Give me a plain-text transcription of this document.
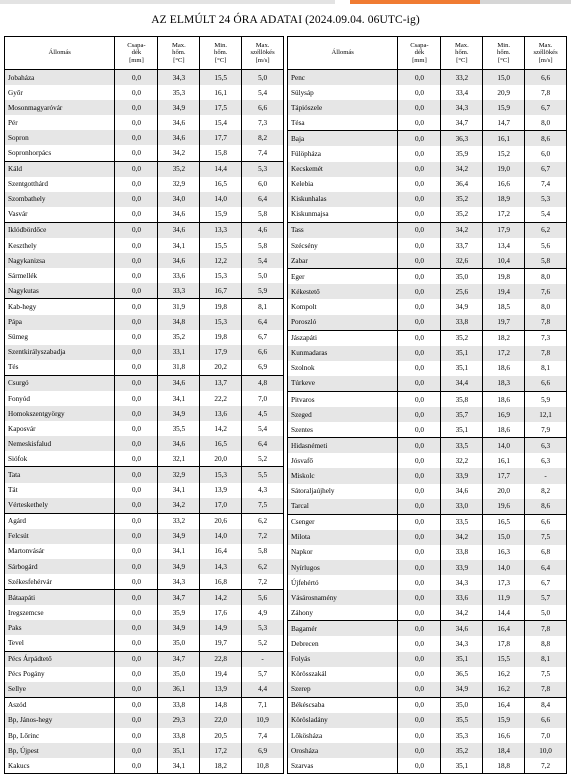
AZ ELMÚLT 24 ÓRA ADATAI (2024.09.04. 06UTC-ig)
Állomás	Csapa-
dék
[mm]	Max.
hőm.
[°C]	Min.
hőm.
[°C]	Max.
széllökés
[m/s]

Jobaháza	0,0	34,3	15,5	5,0
Győr	0,0	35,3	16,1	5,4
Mosonmagyaróvár	0,0	34,9	17,5	6,6
Pér	0,0	34,6	15,4	7,3
Sopron	0,0	34,6	17,7	8,2
Sopronhorpács	0,0	34,2	15,8	7,4
Káld	0,0	35,2	14,4	5,3
Szentgotthárd	0,0	32,9	16,5	6,0
Szombathely	0,0	34,0	14,0	6,4
Vasvár	0,0	34,6	15,9	5,8
Iklódbördőce	0,0	34,6	13,3	4,6
Keszthely	0,0	34,1	15,5	5,8
Nagykanizsa	0,0	34,6	12,2	5,4
Sármellék	0,0	33,6	15,3	5,0
Nagykutas	0,0	33,3	16,7	5,9
Kab-hegy	0,0	31,9	19,8	8,1
Pápa	0,0	34,8	15,3	6,4
Sümeg	0,0	35,2	19,8	6,7
Szentkirályszabadja	0,0	33,1	17,9	6,6
Tés	0,0	31,8	20,2	6,9
Csurgó	0,0	34,6	13,7	4,8
Fonyód	0,0	34,1	22,2	7,0
Homokszentgyörgy	0,0	34,9	13,6	4,5
Kaposvár	0,0	35,5	14,2	5,4
Nemeskisfalud	0,0	34,6	16,5	6,4
Siófok	0,0	32,1	20,0	5,2
Tata	0,0	32,9	15,3	5,5
Tát	0,0	34,1	13,9	4,3
Vérteskethely	0,0	34,2	17,0	7,5
Agárd	0,0	33,2	20,6	6,2
Felcsút	0,0	34,9	14,0	7,2
Martonvásár	0,0	34,1	16,4	5,8
Sárbogárd	0,0	34,9	14,3	6,2
Székesfehérvár	0,0	34,3	16,8	7,2
Bátaapáti	0,0	34,7	14,2	5,6
Iregszemcse	0,0	35,9	17,6	4,9
Paks	0,0	34,9	14,9	5,3
Tevel	0,0	35,0	19,7	5,2
Pécs Árpádtető	0,0	34,7	22,8	-
Pécs Pogány	0,0	35,0	19,4	5,7
Sellye	0,0	36,1	13,9	4,4
Aszód	0,0	33,8	14,8	7,1
Bp, János-hegy	0,0	29,3	22,0	10,9
Bp, Lőrinc	0,0	33,8	20,5	7,4
Bp, Újpest	0,0	35,1	17,2	6,9
Kakucs	0,0	34,1	18,2	10,8
Állomás	Csapa-
dék
[mm]	Max.
hőm.
[°C]	Min.
hőm.
[°C]	Max.
széllökés
[m/s]

Penc	0,0	33,2	15,0	6,6
Sülysáp	0,0	33,4	20,9	7,8
Tápiószele	0,0	34,3	15,9	6,7
Tésa	0,0	34,7	14,7	8,0
Baja	0,0	36,3	16,1	8,6
Fülöpháza	0,0	35,9	15,2	6,0
Kecskemét	0,0	34,2	19,0	6,7
Kelebia	0,0	36,4	16,6	7,4
Kiskunhalas	0,0	35,2	18,9	5,3
Kiskunmajsa	0,0	35,2	17,2	5,4
Tass	0,0	34,2	17,9	6,2
Szécsény	0,0	33,7	13,4	5,6
Zabar	0,0	32,6	10,4	5,8
Eger	0,0	35,0	19,8	8,0
Kékestető	0,0	25,6	19,4	7,6
Kompolt	0,0	34,9	18,5	8,0
Poroszló	0,0	33,8	19,7	7,8
Jászapáti	0,0	35,2	18,2	7,3
Kunmadaras	0,0	35,1	17,2	7,8
Szolnok	0,0	35,1	18,6	8,1
Túrkeve	0,0	34,4	18,3	6,6
Pitvaros	0,0	35,8	18,6	5,9
Szeged	0,0	35,7	16,9	12,1
Szentes	0,0	35,1	18,6	7,9
Hidasnémeti	0,0	33,5	14,0	6,3
Jósvafő	0,0	32,2	16,1	6,3
Miskolc	0,0	33,9	17,7	-
Sátoraljaújhely	0,0	34,6	20,0	8,2
Tarcal	0,0	33,0	19,6	8,6
Csenger	0,0	33,5	16,5	6,6
Milota	0,0	34,2	15,0	7,5
Napkor	0,0	33,8	16,3	6,8
Nyírlugos	0,0	33,9	14,0	6,4
Újfehértó	0,0	34,3	17,3	6,7
Vásárosnamény	0,0	33,6	11,9	5,7
Záhony	0,0	34,2	14,4	5,0
Bagamér	0,0	34,6	16,4	7,8
Debrecen	0,0	34,3	17,8	8,8
Folyás	0,0	35,1	15,5	8,1
Körösszakál	0,0	36,5	16,2	7,5
Szerep	0,0	34,9	16,2	7,8
Békéscsaba	0,0	35,0	16,4	8,4
Körösladány	0,0	35,5	15,9	6,6
Lőkösháza	0,0	35,3	16,6	7,0
Orosháza	0,0	35,2	18,4	10,0
Szarvas	0,0	35,1	18,8	7,2
